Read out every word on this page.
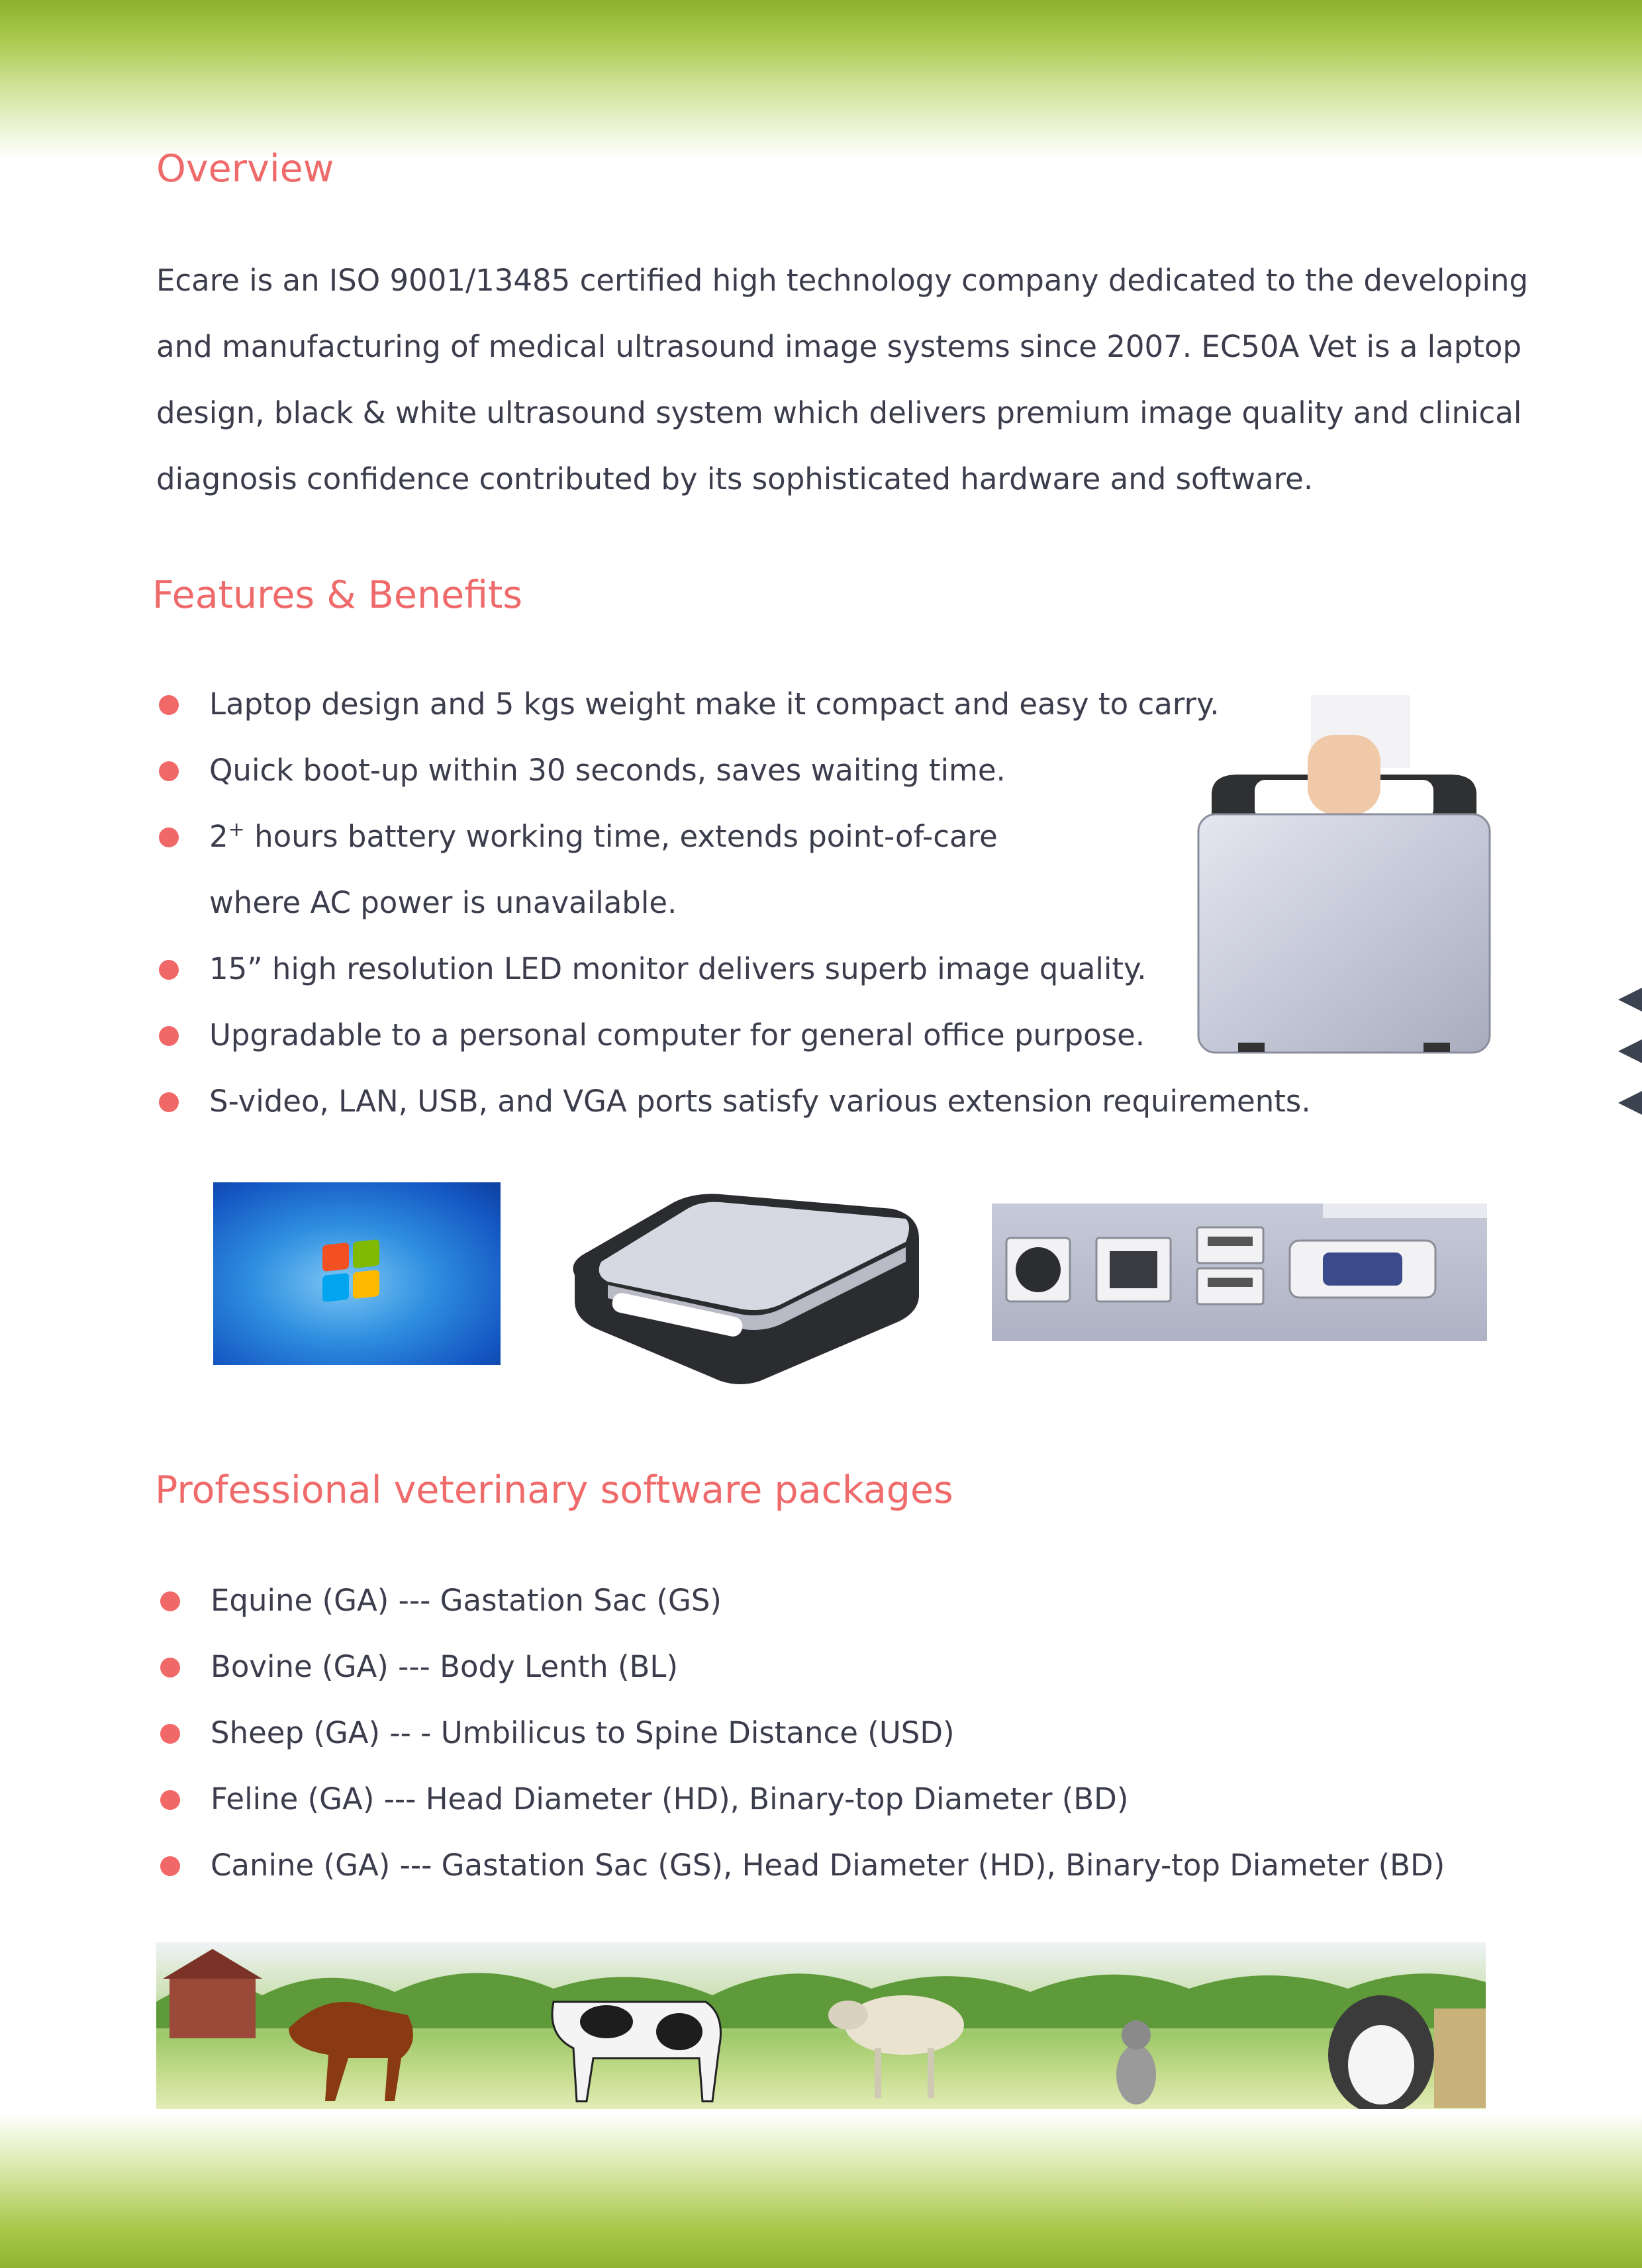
Overview
Ecare is an ISO 9001/13485 certified high technology company dedicated to the developing
and manufacturing of medical ultrasound image systems since 2007. EC50A Vet is a laptop
design, black & white ultrasound system which delivers premium image quality and clinical
diagnosis confidence contributed by its sophisticated hardware and software.
Features & Benefits
Laptop design and 5 kgs weight make it compact and easy to carry.
Quick boot-up within 30 seconds, saves waiting time.
2+ hours battery working time, extends point-of-care
where AC power is unavailable.
15” high resolution LED monitor delivers superb image quality.
Upgradable to a personal computer for general office purpose.
S-video, LAN, USB, and VGA ports satisfy various extension requirements.
Professional veterinary software packages
Equine (GA) --- Gastation Sac (GS)
Bovine (GA) --- Body Lenth (BL)
Sheep (GA) -- - Umbilicus to Spine Distance (USD)
Feline (GA) --- Head Diameter (HD), Binary-top Diameter (BD)
Canine (GA) --- Gastation Sac (GS), Head Diameter (HD), Binary-top Diameter (BD)
